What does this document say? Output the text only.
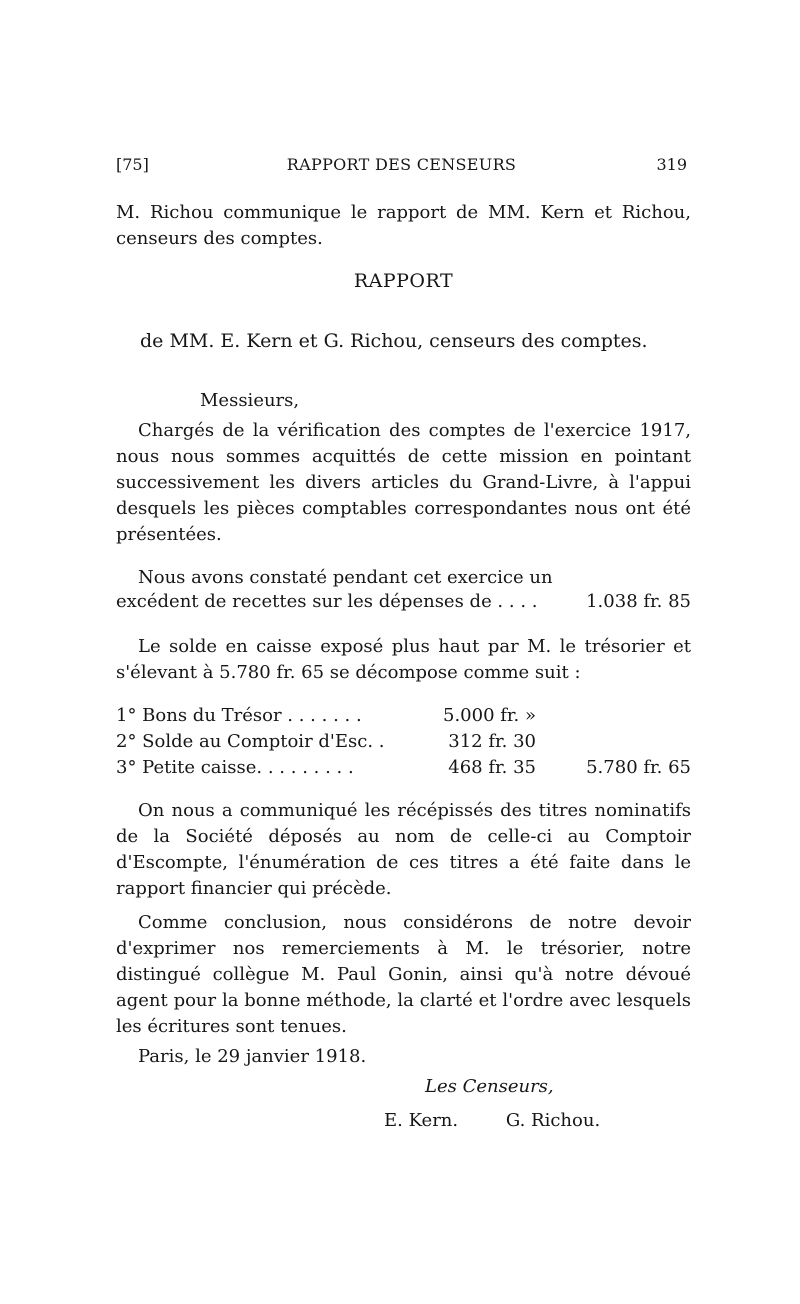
[75]	RAPPORT DES CENSEURS	319
M. Richou communique le rapport de MM. Kern et Richou, censeurs des comptes.
RAPPORT
de MM. E. Kern et G. Richou, censeurs des comptes.
Messieurs,
Chargés de la vérification des comptes de l'exercice 1917, nous nous sommes acquittés de cette mission en pointant successivement les divers articles du Grand-Livre, à l'appui desquels les pièces comptables correspondantes nous ont été présentées.
Nous avons constaté pendant cet exercice un
excédent de recettes sur les dépenses de . . . .	1.038 fr. 85
Le solde en caisse exposé plus haut par M. le trésorier et s'élevant à 5.780 fr. 65 se décompose comme suit :
1° Bons du Trésor . . . . . . .	5.000 fr. »
2° Solde au Comptoir d'Esc. .	312 fr. 30
3° Petite caisse. . . . . . . . .	468 fr. 35	5.780 fr. 65
On nous a communiqué les récépissés des titres nominatifs de la Société déposés au nom de celle-ci au Comptoir d'Escompte, l'énumération de ces titres a été faite dans le rapport financier qui précède.
Comme conclusion, nous considérons de notre devoir d'exprimer nos remerciements à M. le trésorier, notre distingué collègue M. Paul Gonin, ainsi qu'à notre dévoué agent pour la bonne méthode, la clarté et l'ordre avec lesquels les écritures sont tenues.
Paris, le 29 janvier 1918.
Les Censeurs,
E. Kern.	G. Richou.
